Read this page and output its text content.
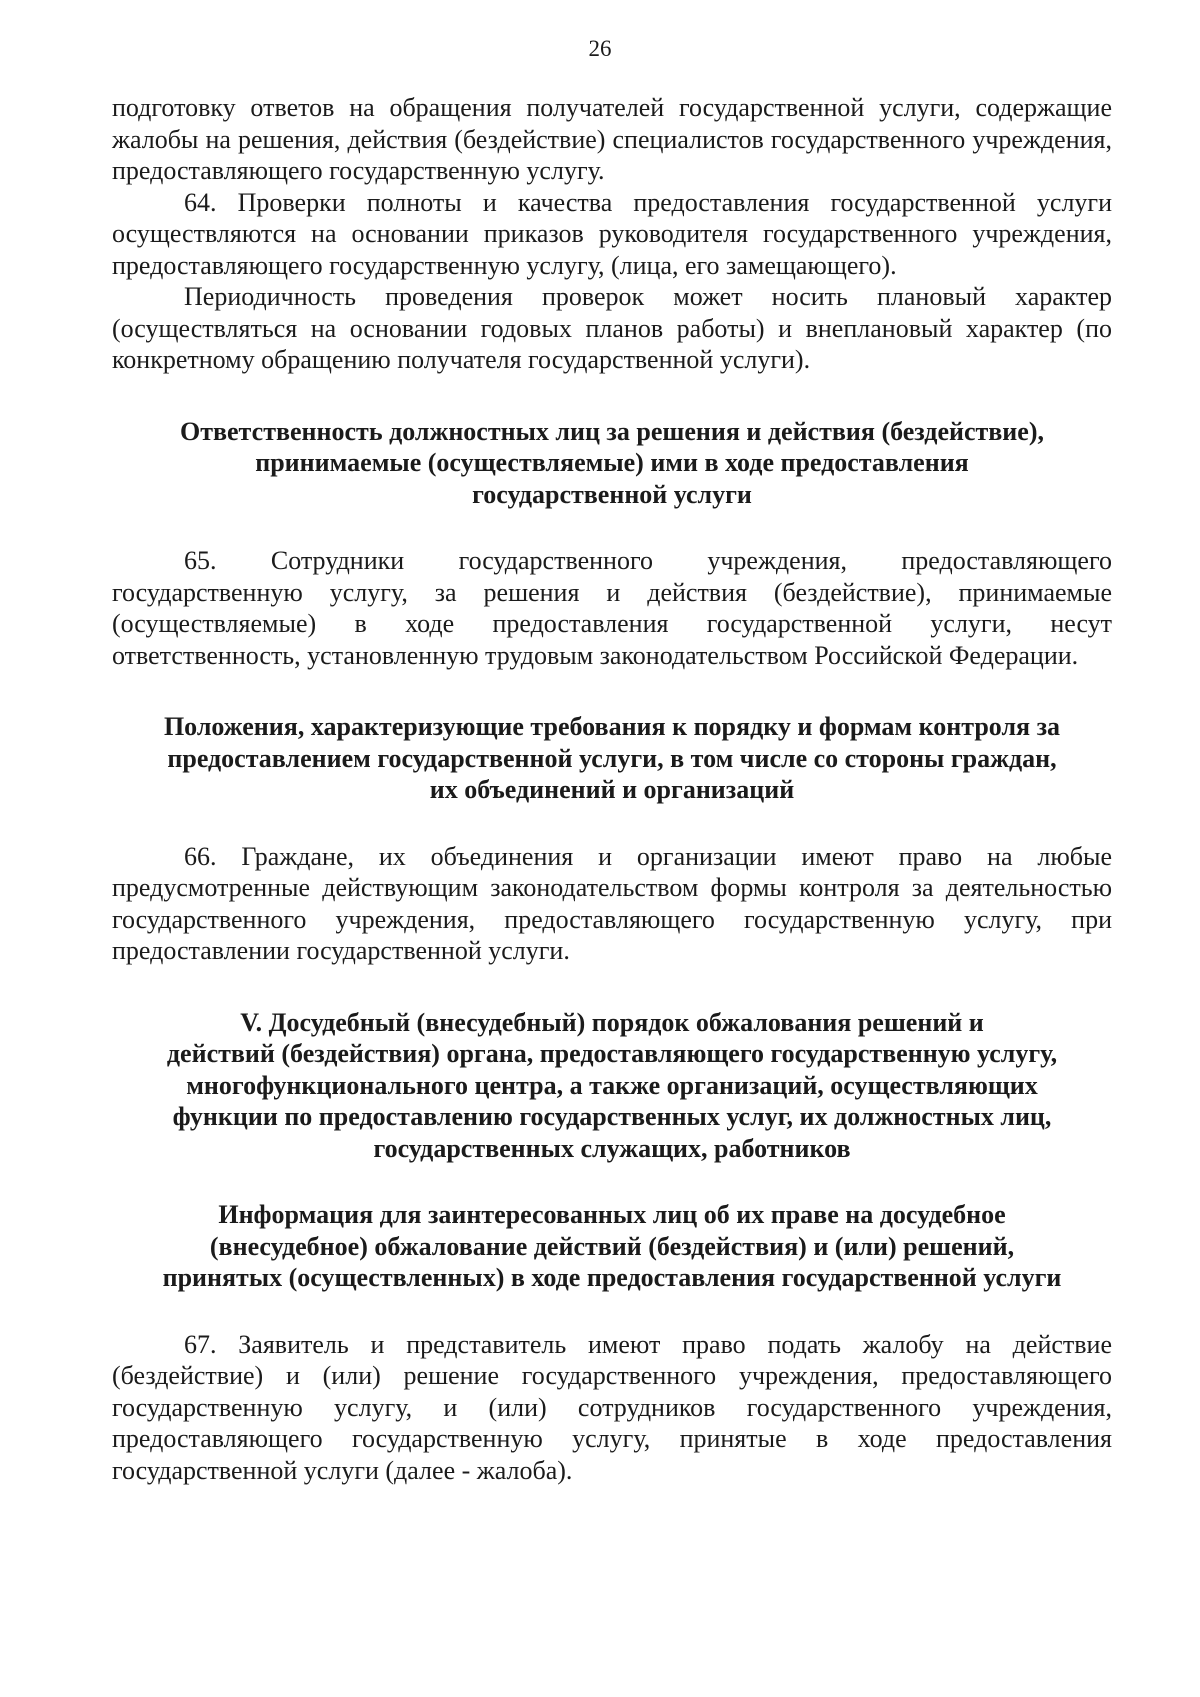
26

подготовку ответов на обращения получателей государственной услуги, содержащие жалобы на решения, действия (бездействие) специалистов государственного учреждения, предоставляющего государственную услугу.

64. Проверки полноты и качества предоставления государственной услуги осуществляются на основании приказов руководителя государственного учреждения, предоставляющего государственную услугу, (лица, его замещающего).

Периодичность проведения проверок может носить плановый характер (осуществляться на основании годовых планов работы) и внеплановый характер (по конкретному обращению получателя государственной услуги).

Ответственность должностных лиц за решения и действия (бездействие),
принимаемые (осуществляемые) ими в ходе предоставления
государственной услуги

65. Сотрудники государственного учреждения, предоставляющего государственную услугу, за решения и действия (бездействие), принимаемые (осуществляемые) в ходе предоставления государственной услуги, несут ответственность, установленную трудовым законодательством Российской Федерации.

Положения, характеризующие требования к порядку и формам контроля за
предоставлением государственной услуги, в том числе со стороны граждан,
их объединений и организаций

66. Граждане, их объединения и организации имеют право на любые предусмотренные действующим законодательством формы контроля за деятельностью государственного учреждения, предоставляющего государственную услугу, при предоставлении государственной услуги.

V. Досудебный (внесудебный) порядок обжалования решений и
действий (бездействия) органа, предоставляющего государственную услугу,
многофункционального центра, а также организаций, осуществляющих
функции по предоставлению государственных услуг, их должностных лиц,
государственных служащих, работников
Информация для заинтересованных лиц об их праве на досудебное
(внесудебное) обжалование действий (бездействия) и (или) решений,
принятых (осуществленных) в ходе предоставления государственной услуги

67. Заявитель и представитель имеют право подать жалобу на действие (бездействие) и (или) решение государственного учреждения, предоставляющего государственную услугу, и (или) сотрудников государственного учреждения, предоставляющего государственную услугу, принятые в ходе предоставления государственной услуги (далее - жалоба).
